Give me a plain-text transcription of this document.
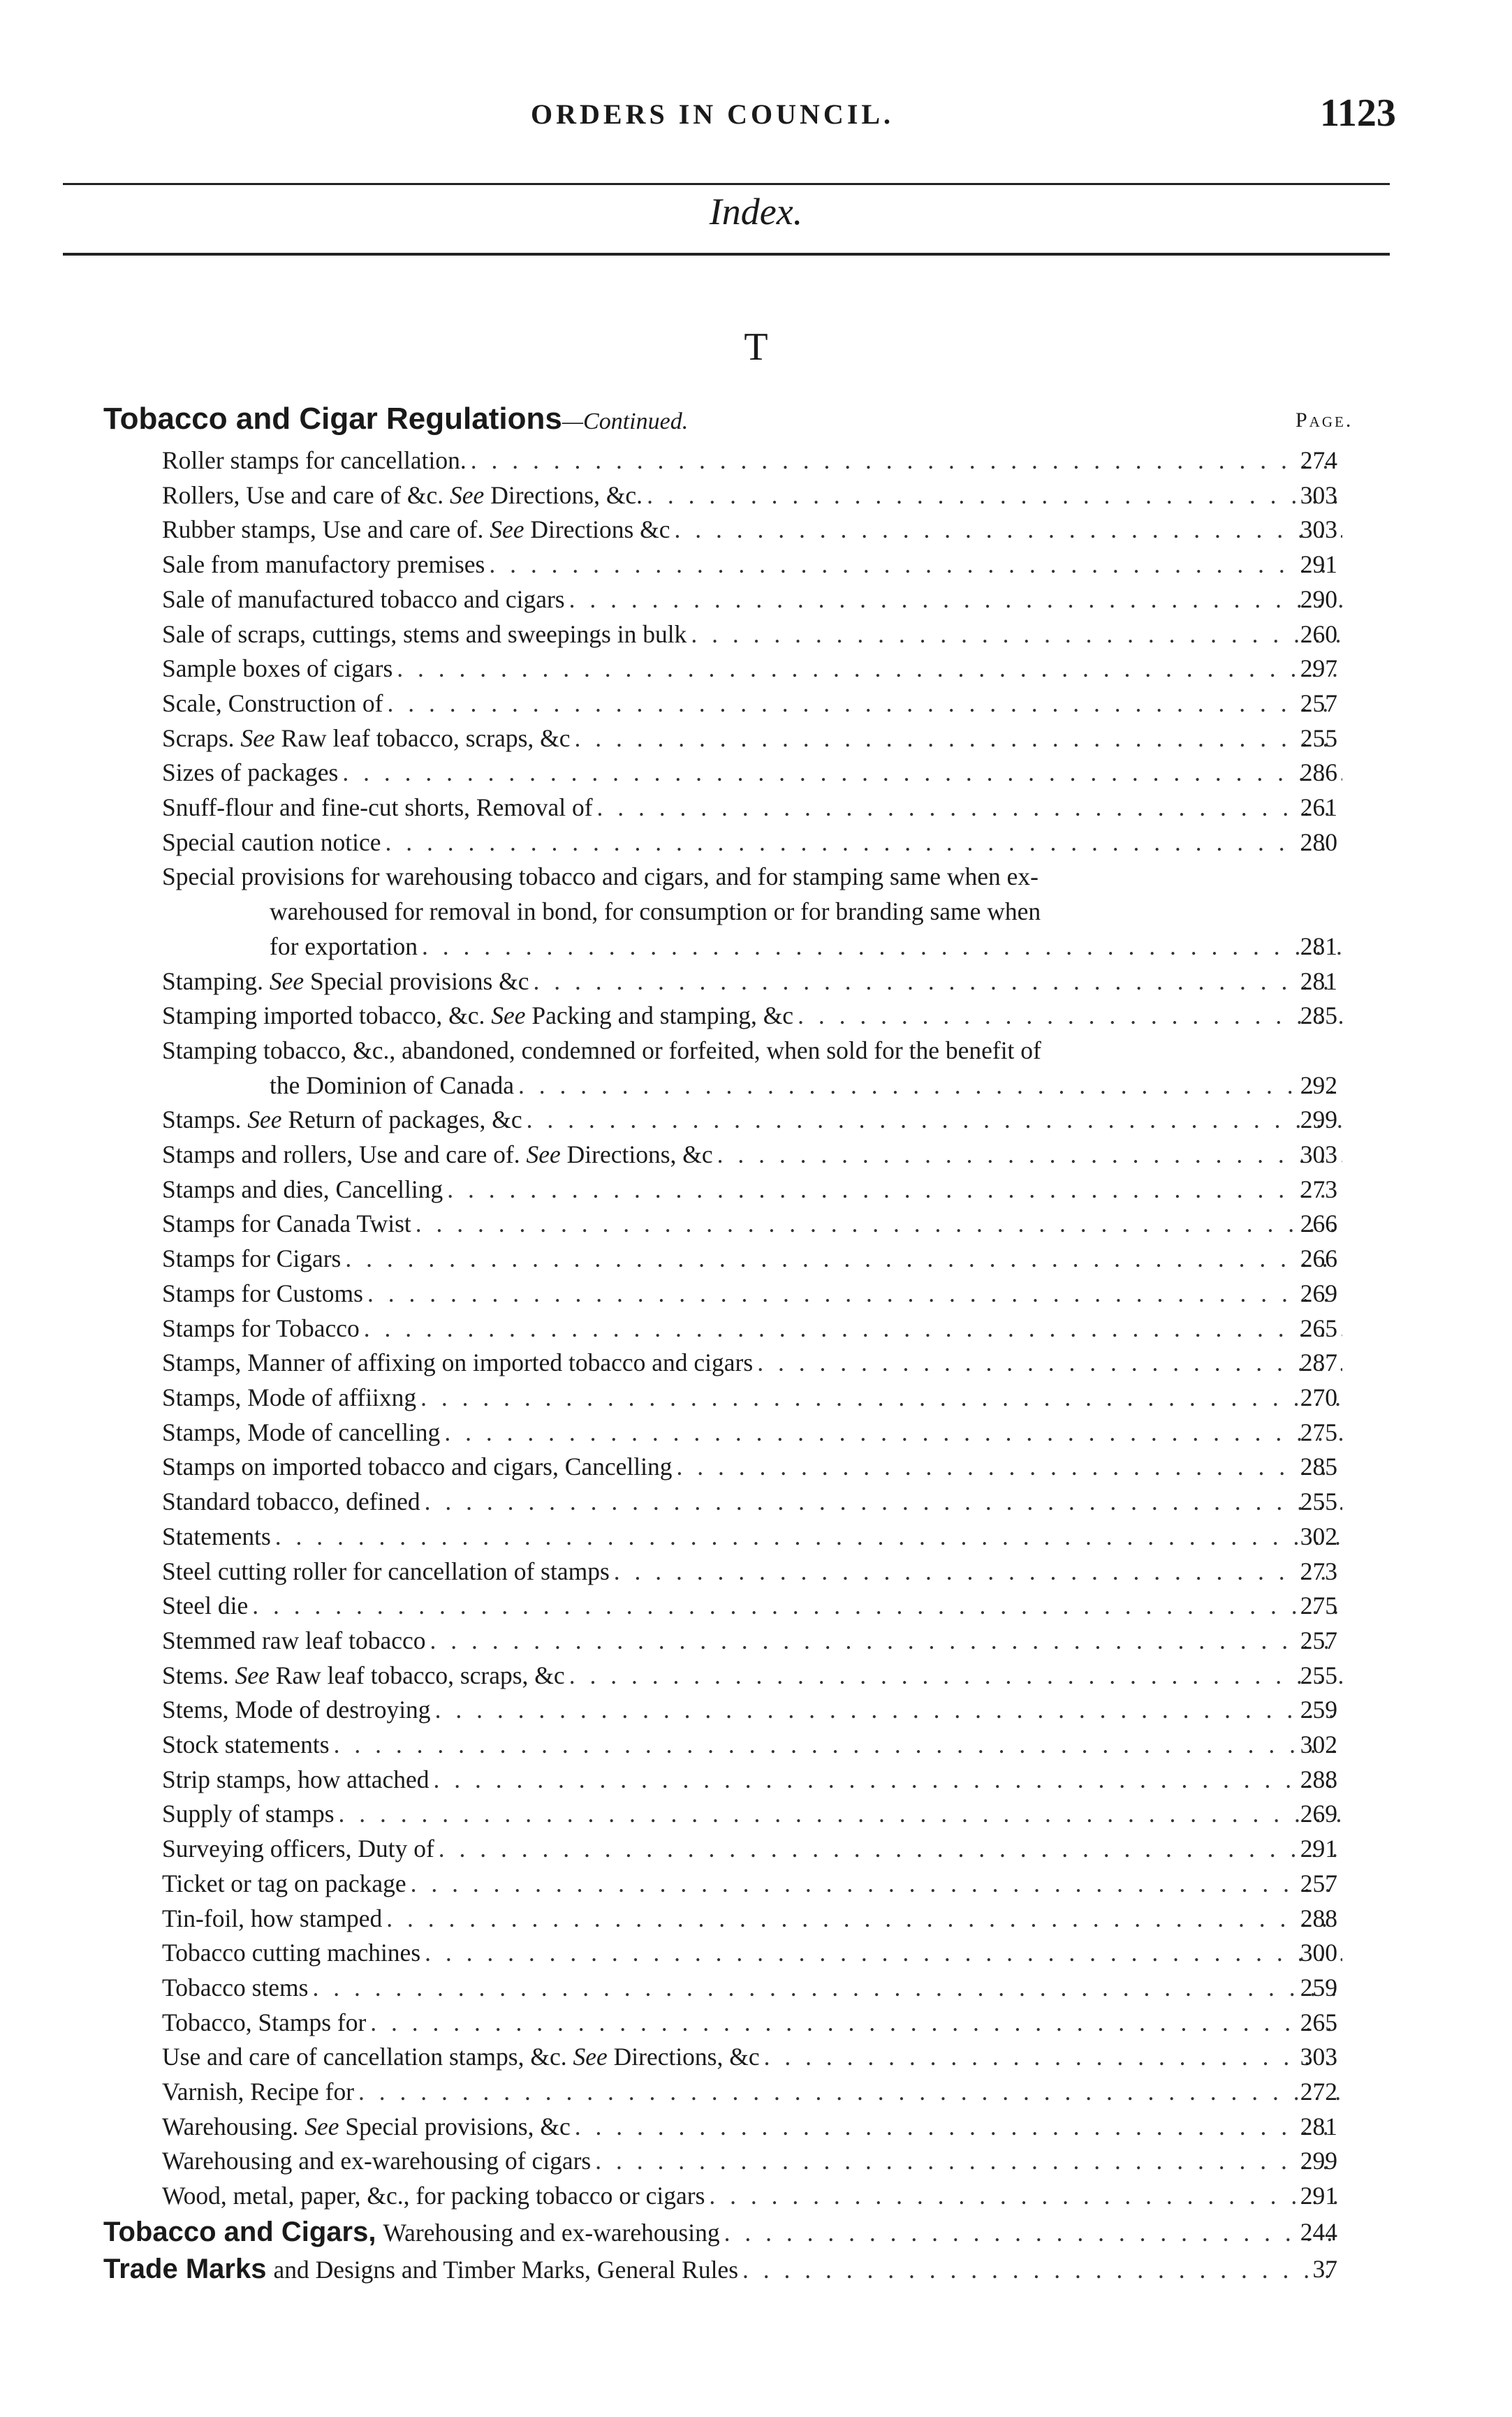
ORDERS IN COUNCIL.	1123
Index.
T
Tobacco and Cigar Regulations—Continued.	Page.
Roller stamps for cancellation. . . .	274
Rollers, Use and care of &c. See Directions, &c. . . .	303
Rubber stamps, Use and care of. See Directions &c . . .	303
Sale from manufactory premises . . .	291
Sale of manufactured tobacco and cigars . . .	290
Sale of scraps, cuttings, stems and sweepings in bulk . . .	260
Sample boxes of cigars . . .	297
Scale, Construction of . . .	257
Scraps. See Raw leaf tobacco, scraps, &c . . .	255
Sizes of packages . . .	286
Snuff-flour and fine-cut shorts, Removal of . . .	261
Special caution notice . . .	280
Special provisions for warehousing tobacco and cigars, and for stamping same when ex-
warehoused for removal in bond, for consumption or for branding same when
for exportation . . .	281
Stamping. See Special provisions &c . . .	281
Stamping imported tobacco, &c. See Packing and stamping, &c . . .	285
Stamping tobacco, &c., abandoned, condemned or forfeited, when sold for the benefit of
the Dominion of Canada . . .	292
Stamps. See Return of packages, &c . . .	299
Stamps and rollers, Use and care of. See Directions, &c . . .	303
Stamps and dies, Cancelling . . .	273
Stamps for Canada Twist . . .	266
Stamps for Cigars . . .	266
Stamps for Customs . . .	269
Stamps for Tobacco . . .	265
Stamps, Manner of affixing on imported tobacco and cigars . . .	287
Stamps, Mode of affiixng . . .	270
Stamps, Mode of cancelling . . .	275
Stamps on imported tobacco and cigars, Cancelling . . .	285
Standard tobacco, defined . . .	255
Statements . . .	302
Steel cutting roller for cancellation of stamps . . .	273
Steel die . . .	275
Stemmed raw leaf tobacco . . .	257
Stems. See Raw leaf tobacco, scraps, &c . . .	255
Stems, Mode of destroying . . .	259
Stock statements . . .	302
Strip stamps, how attached . . .	288
Supply of stamps . . .	269
Surveying officers, Duty of . . .	291
Ticket or tag on package . . .	257
Tin-foil, how stamped . . .	288
Tobacco cutting machines . . .	300
Tobacco stems . . .	259
Tobacco, Stamps for . . .	265
Use and care of cancellation stamps, &c. See Directions, &c . . .	303
Varnish, Recipe for . . .	272
Warehousing. See Special provisions, &c . . .	281
Warehousing and ex-warehousing of cigars . . .	299
Wood, metal, paper, &c., for packing tobacco or cigars . . .	291
Tobacco and Cigars, Warehousing and ex-warehousing . . .	244
Trade Marks and Designs and Timber Marks, General Rules . . .	37
